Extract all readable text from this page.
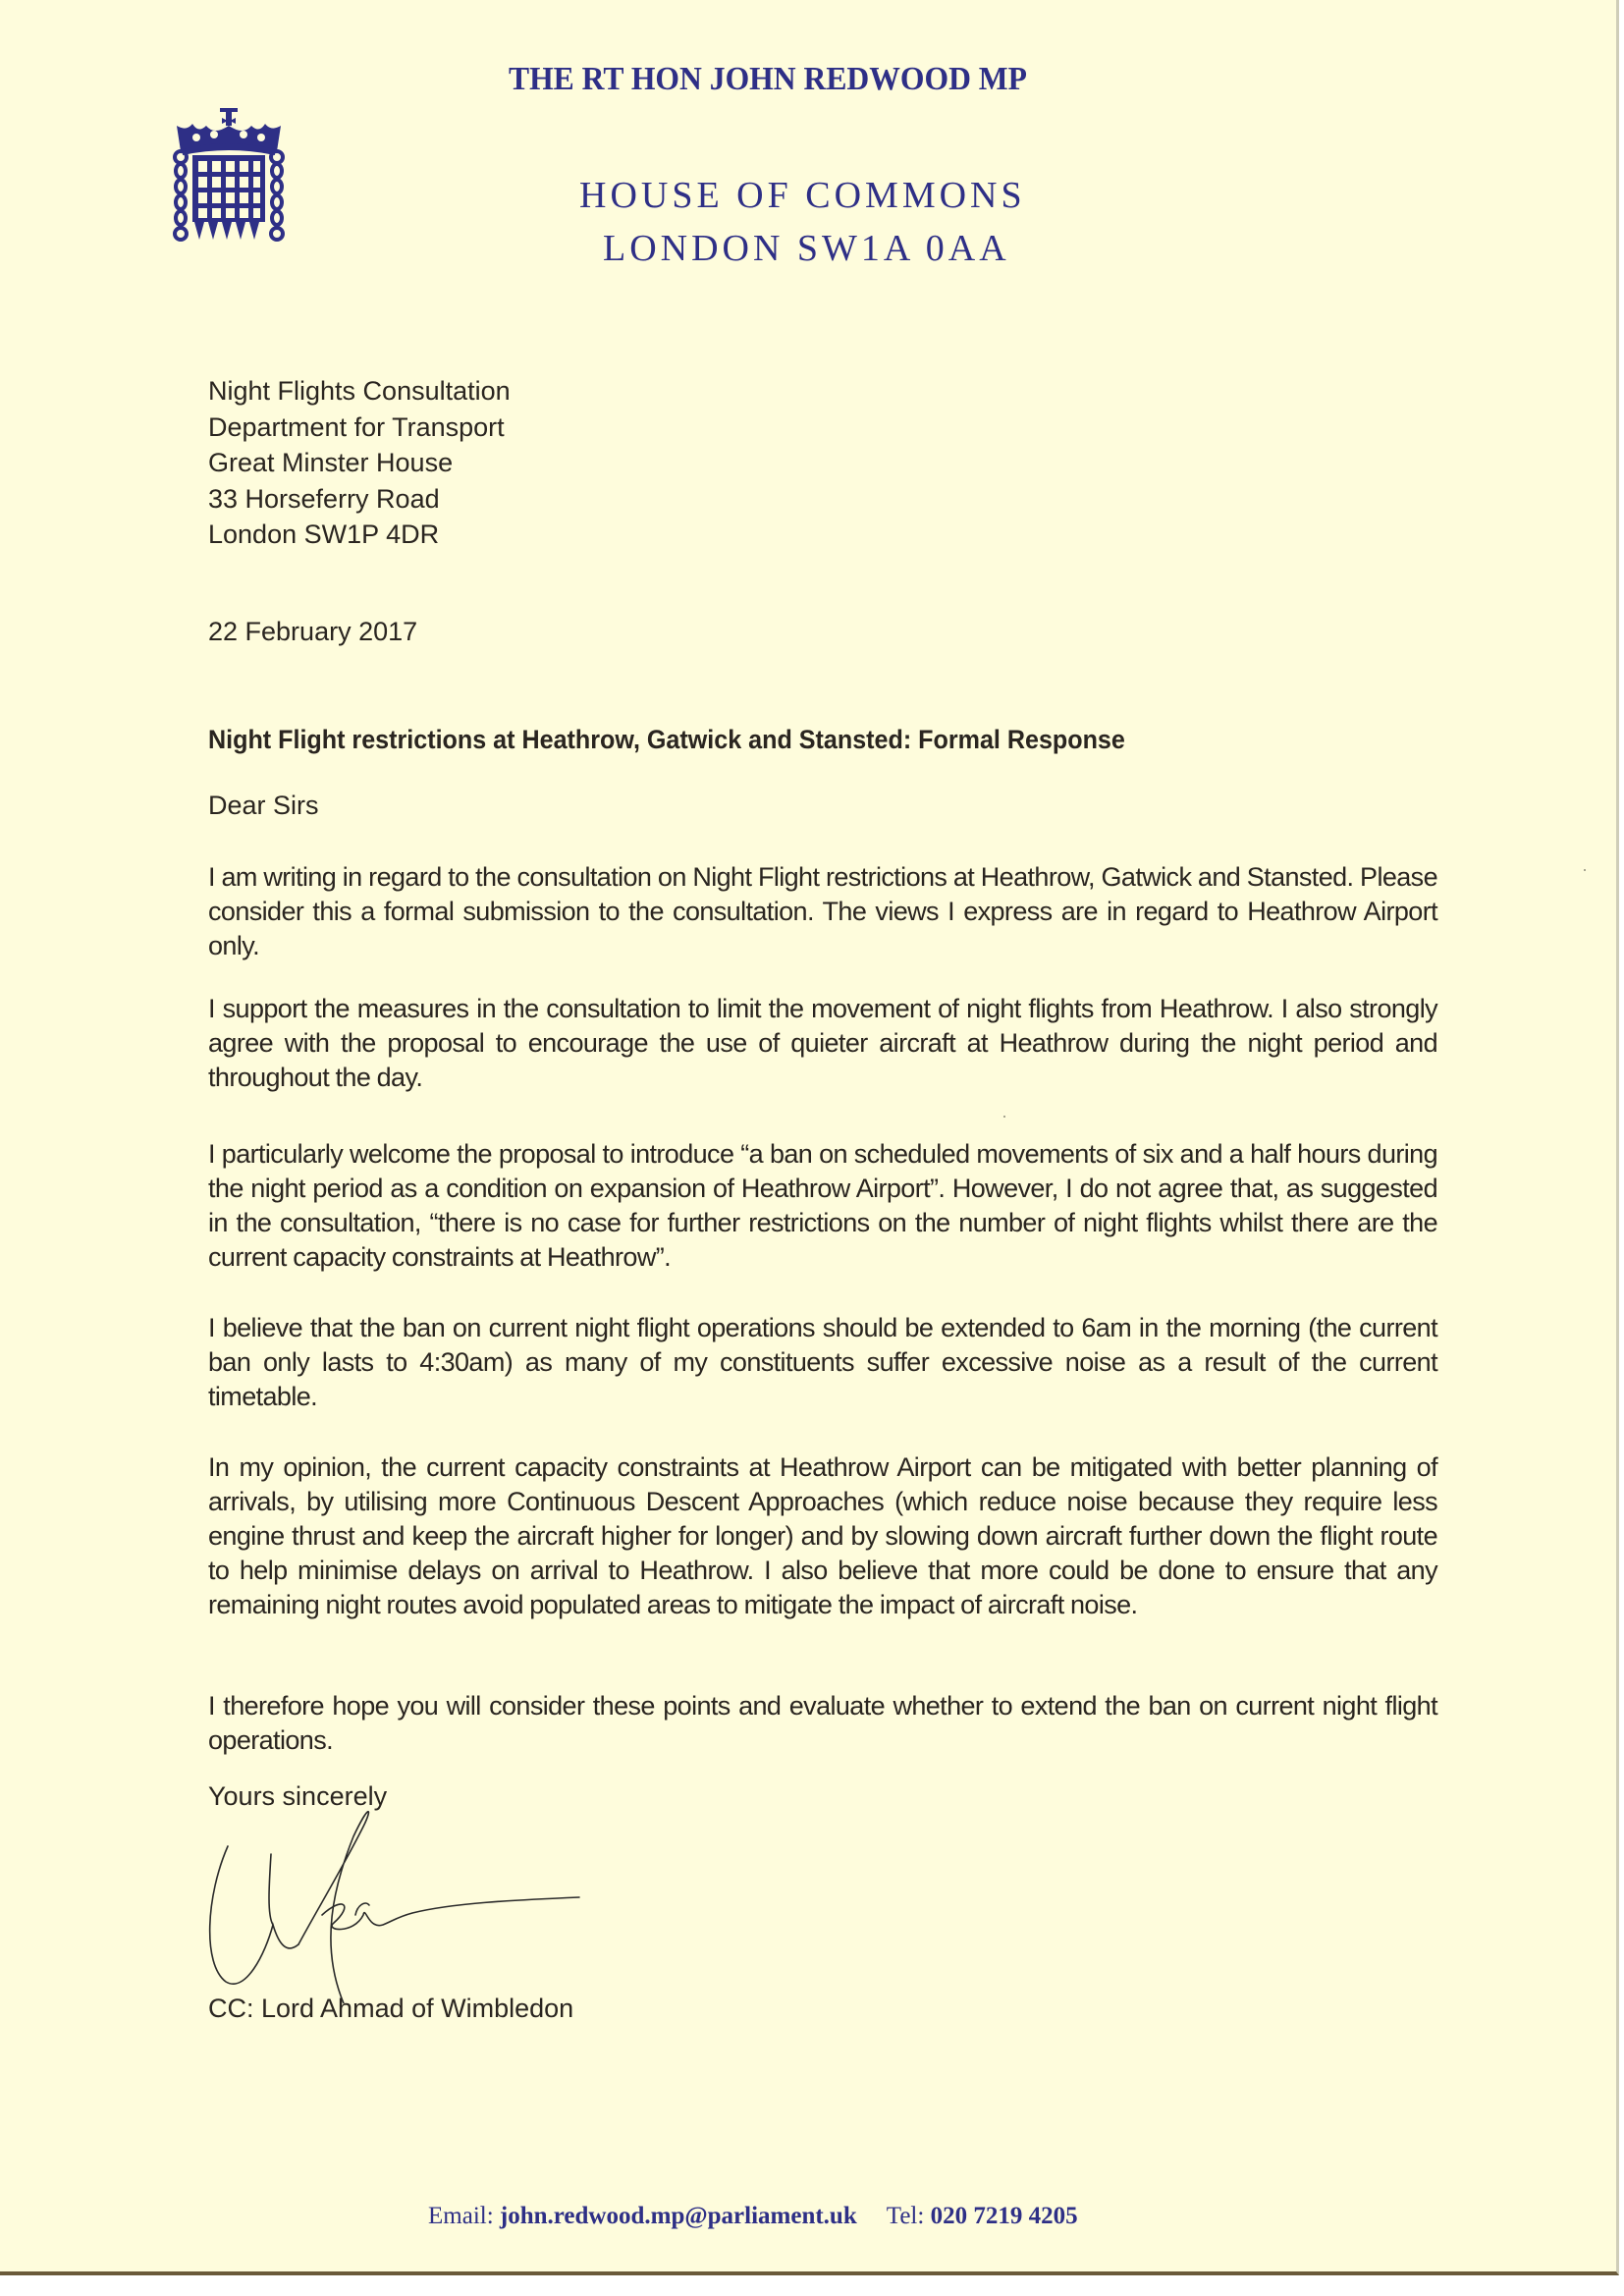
THE RT HON JOHN REDWOOD MP
HOUSE OF COMMONS
LONDON SW1A 0AA
Night Flights Consultation
Department for Transport
Great Minster House
33 Horseferry Road
London SW1P 4DR
22 February 2017
Night Flight restrictions at Heathrow, Gatwick and Stansted: Formal Response
Dear Sirs
I am writing in regard to the consultation on Night Flight restrictions at Heathrow, Gatwick and Stansted. Please consider this a formal submission to the consultation. The views I express are in regard to Heathrow Airport only.
I support the measures in the consultation to limit the movement of night flights from Heathrow. I also strongly agree with the proposal to encourage the use of quieter aircraft at Heathrow during the night period and throughout the day.
I particularly welcome the proposal to introduce “a ban on scheduled movements of six and a half hours during the night period as a condition on expansion of Heathrow Airport”. However, I do not agree that, as suggested in the consultation, “there is no case for further restrictions on the number of night flights whilst there are the current capacity constraints at Heathrow”.
I believe that the ban on current night flight operations should be extended to 6am in the morning (the current ban only lasts to 4:30am) as many of my constituents suffer excessive noise as a result of the current timetable.
In my opinion, the current capacity constraints at Heathrow Airport can be mitigated with better planning of arrivals, by utilising more Continuous Descent Approaches (which reduce noise because they require less engine thrust and keep the aircraft higher for longer) and by slowing down aircraft further down the flight route to help minimise delays on arrival to Heathrow. I also believe that more could be done to ensure that any remaining night routes avoid populated areas to mitigate the impact of aircraft noise.
I therefore hope you will consider these points and evaluate whether to extend the ban on current night flight operations.
Yours sincerely
CC: Lord Ahmad of Wimbledon
Email: john.redwood.mp@parliament.uk Tel: 020 7219 4205
